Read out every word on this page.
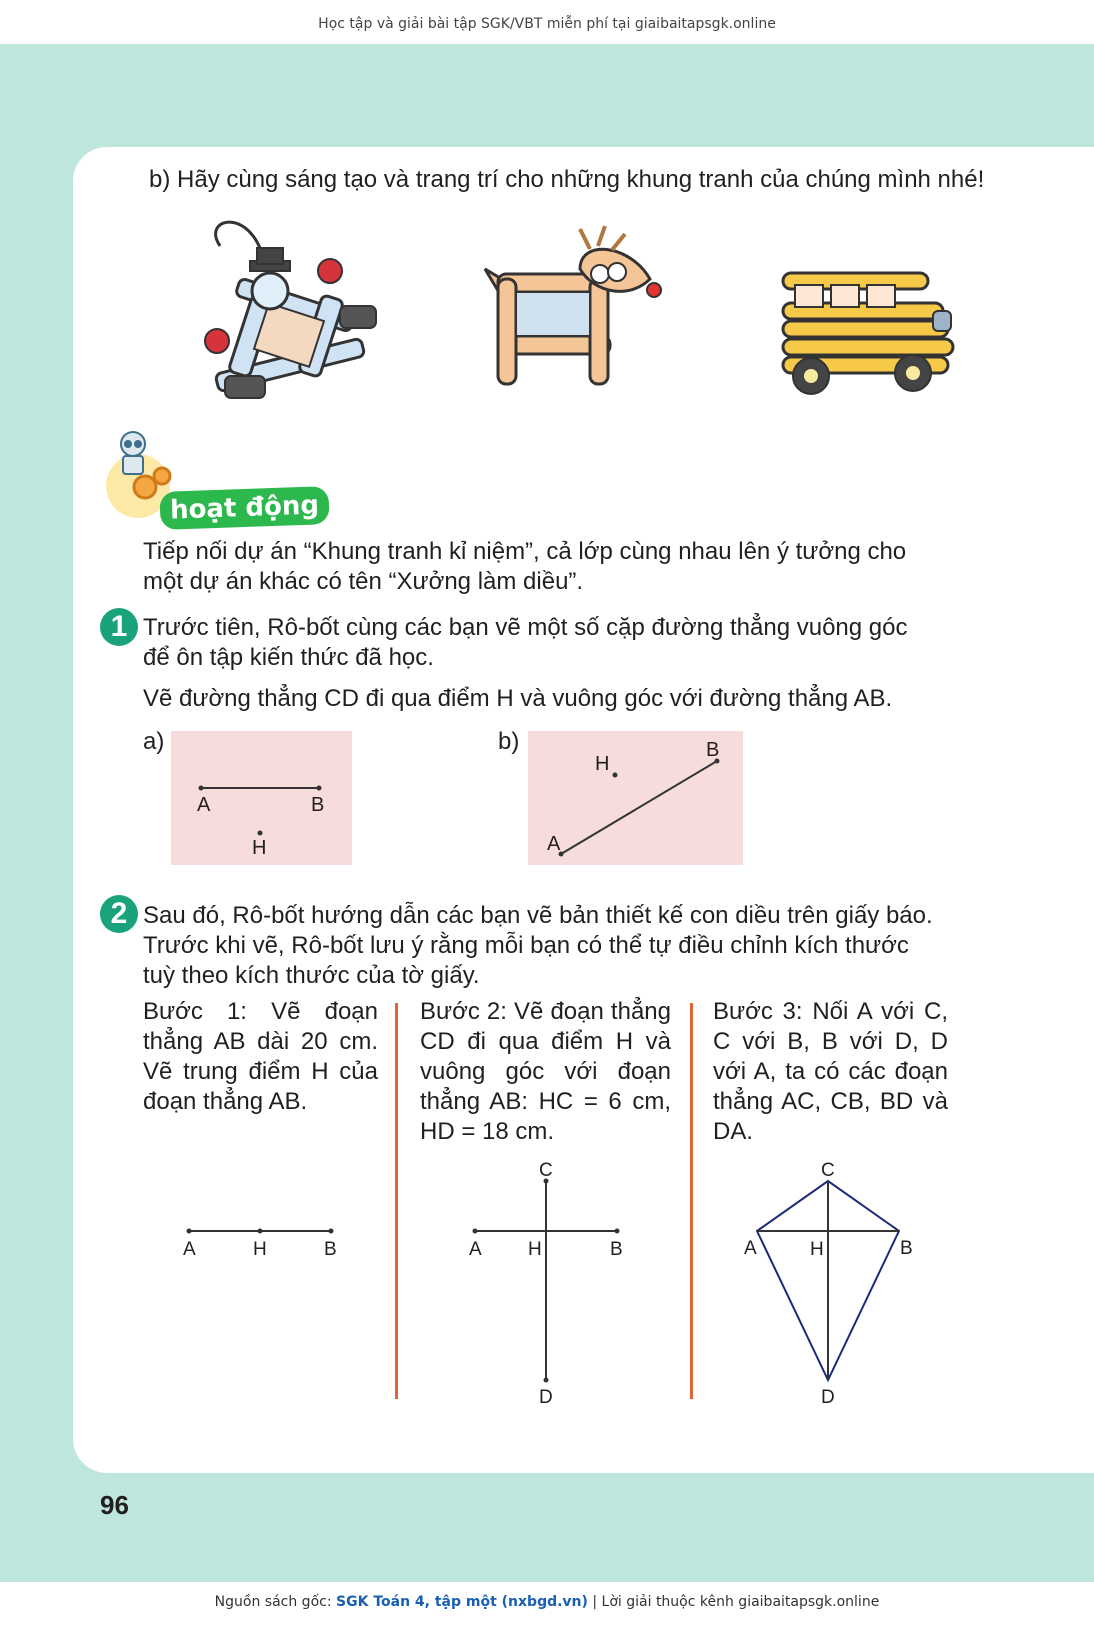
Học tập và giải bài tập SGK/VBT miễn phí tại giaibaitapsgk.online
b) Hãy cùng sáng tạo và trang trí cho những khung tranh của chúng mình nhé!
hoạt động
Tiếp nối dự án “Khung tranh kỉ niệm”, cả lớp cùng nhau lên ý tưởng cho
một dự án khác có tên “Xưởng làm diều”.
1 Trước tiên, Rô-bốt cùng các bạn vẽ một số cặp đường thẳng vuông góc
để ôn tập kiến thức đã học.
Vẽ đường thẳng CD đi qua điểm H và vuông góc với đường thẳng AB.
a)
A	B
H
b)
H
B
A
2 Sau đó, Rô-bốt hướng dẫn các bạn vẽ bản thiết kế con diều trên giấy báo.
Trước khi vẽ, Rô-bốt lưu ý rằng mỗi bạn có thể tự điều chỉnh kích thước
tuỳ theo kích thước của tờ giấy.
Bước 1: Vẽ đoạn thẳng AB dài 20 cm. Vẽ trung điểm H của đoạn thẳng AB.
Bước 2: Vẽ đoạn thẳng CD đi qua điểm H và vuông góc với đoạn thẳng AB: HC = 6 cm, HD = 18 cm.
Bước 3: Nối A với C, C với B, B với D, D với A, ta có các đoạn thẳng AC, CB, BD và DA.
A	H	B
C
A H	B
D
C
A	H	B
D
96
Nguồn sách gốc: SGK Toán 4, tập một (nxbgd.vn) | Lời giải thuộc kênh giaibaitapsgk.online
